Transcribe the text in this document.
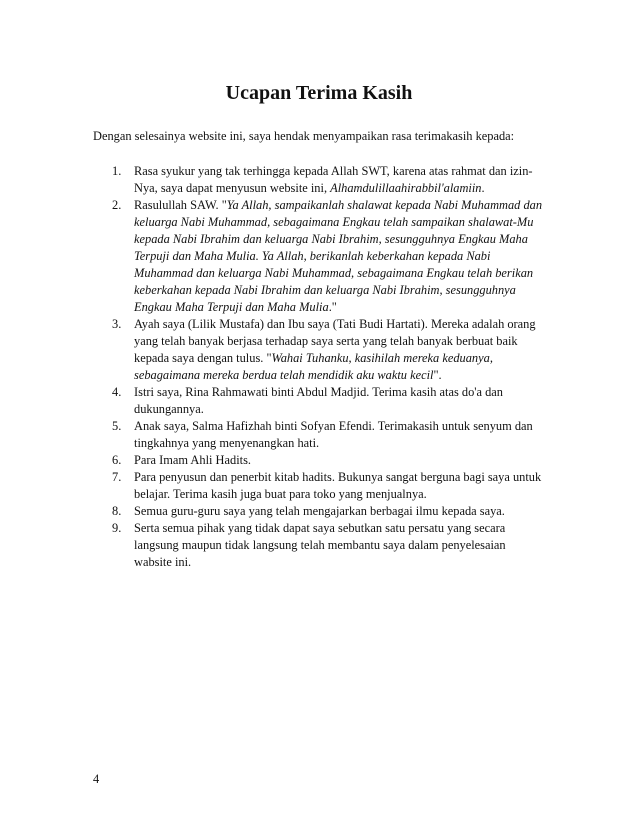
Ucapan Terima Kasih

Dengan selesainya website ini, saya hendak menyampaikan rasa terimakasih kepada:

1. Rasa syukur yang tak terhingga kepada Allah SWT, karena atas rahmat dan izin-Nya, saya dapat menyusun website ini, Alhamdulillaahirabbil'alamiin.
2. Rasulullah SAW. "Ya Allah, sampaikanlah shalawat kepada Nabi Muhammad dan keluarga Nabi Muhammad, sebagaimana Engkau telah sampaikan shalawat-Mu kepada Nabi Ibrahim dan keluarga Nabi Ibrahim, sesungguhnya Engkau Maha Terpuji dan Maha Mulia. Ya Allah, berikanlah keberkahan kepada Nabi Muhammad dan keluarga Nabi Muhammad, sebagaimana Engkau telah berikan keberkahan kepada Nabi Ibrahim dan keluarga Nabi Ibrahim, sesungguhnya Engkau Maha Terpuji dan Maha Mulia."
3. Ayah saya (Lilik Mustafa) dan Ibu saya (Tati Budi Hartati). Mereka adalah orang yang telah banyak berjasa terhadap saya serta yang telah banyak berbuat baik kepada saya dengan tulus. "Wahai Tuhanku, kasihilah mereka keduanya, sebagaimana mereka berdua telah mendidik aku waktu kecil".
4. Istri saya, Rina Rahmawati binti Abdul Madjid. Terima kasih atas do'a dan dukungannya.
5. Anak saya, Salma Hafizhah binti Sofyan Efendi. Terimakasih untuk senyum dan tingkahnya yang menyenangkan hati.
6. Para Imam Ahli Hadits.
7. Para penyusun dan penerbit kitab hadits. Bukunya sangat berguna bagi saya untuk belajar. Terima kasih juga buat para toko yang menjualnya.
8. Semua guru-guru saya yang telah mengajarkan berbagai ilmu kepada saya.
9. Serta semua pihak yang tidak dapat saya sebutkan satu persatu yang secara langsung maupun tidak langsung telah membantu saya dalam penyelesaian wabsite ini.

4
